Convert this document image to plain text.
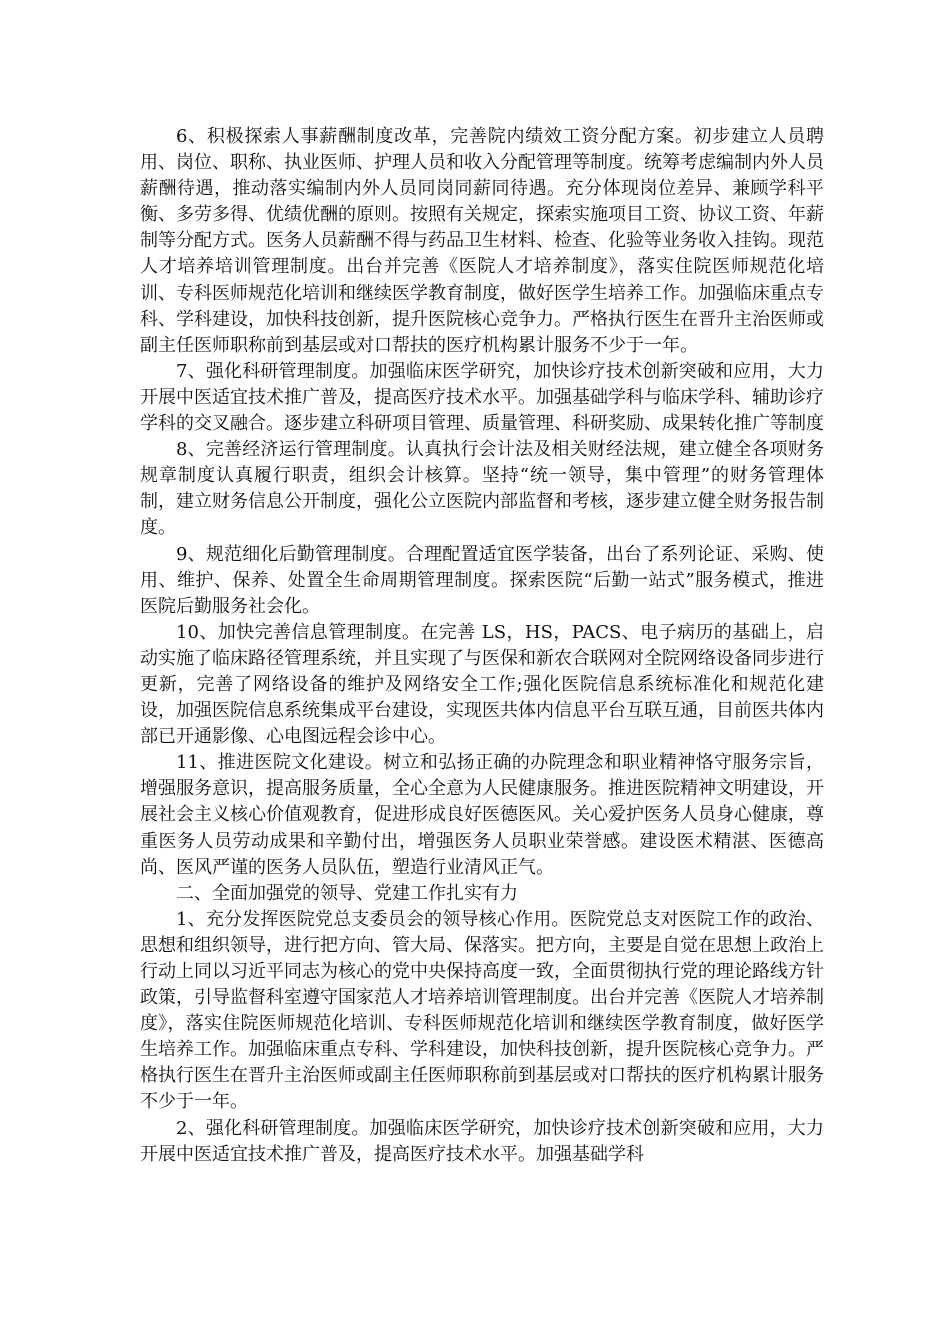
6、积极探索人事薪酬制度改革，完善院内绩效工资分配方案。初步建立人员聘用、岗位、职称、执业医师、护理人员和收入分配管理等制度。统筹考虑编制内外人员薪酬待遇，推动落实编制内外人员同岗同薪同待遇。充分体现岗位差异、兼顾学科平衡、多劳多得、优绩优酬的原则。按照有关规定，探索实施项目工资、协议工资、年薪制等分配方式。医务人员薪酬不得与药品卫生材料、检查、化验等业务收入挂钩。现范人才培养培训管理制度。出台并完善《医院人才培养制度》，落实住院医师规范化培训、专科医师规范化培训和继续医学教育制度，做好医学生培养工作。加强临床重点专科、学科建设，加快科技创新，提升医院核心竞争力。严格执行医生在晋升主治医师或副主任医师职称前到基层或对口帮扶的医疗机构累计服务不少于一年。

7、强化科研管理制度。加强临床医学研究，加快诊疗技术创新突破和应用，大力开展中医适宜技术推广普及，提高医疗技术水平。加强基础学科与临床学科、辅助诊疗学科的交叉融合。逐步建立科研项目管理、质量管理、科研奖励、成果转化推广等制度

8、完善经济运行管理制度。认真执行会计法及相关财经法规，建立健全各项财务规章制度认真履行职责，组织会计核算。坚持“统一领导，集中管理”的财务管理体制，建立财务信息公开制度，强化公立医院内部监督和考核，逐步建立健全财务报告制度。

9、规范细化后勤管理制度。合理配置适宜医学装备，出台了系列论证、采购、使用、维护、保养、处置全生命周期管理制度。探索医院“后勤一站式”服务模式，推进医院后勤服务社会化。

10、加快完善信息管理制度。在完善 LS，HS，PACS、电子病历的基础上，启动实施了临床路径管理系统，并且实现了与医保和新农合联网对全院网络设备同步进行更新，完善了网络设备的维护及网络安全工作;强化医院信息系统标准化和规范化建设，加强医院信息系统集成平台建设，实现医共体内信息平台互联互通，目前医共体内部已开通影像、心电图远程会诊中心。

11、推进医院文化建设。树立和弘扬正确的办院理念和职业精神恪守服务宗旨，增强服务意识，提高服务质量，全心全意为人民健康服务。推进医院精神文明建设，开展社会主义核心价值观教育，促进形成良好医德医风。关心爱护医务人员身心健康，尊重医务人员劳动成果和辛勤付出，增强医务人员职业荣誉感。建设医术精湛、医德高尚、医风严谨的医务人员队伍，塑造行业清风正气。

二、全面加强党的领导、党建工作扎实有力

1、充分发挥医院党总支委员会的领导核心作用。医院党总支对医院工作的政治、思想和组织领导，进行把方向、管大局、保落实。把方向，主要是自觉在思想上政治上行动上同以习近平同志为核心的党中央保持高度一致，全面贯彻执行党的理论路线方针政策，引导监督科室遵守国家范人才培养培训管理制度。出台并完善《医院人才培养制度》，落实住院医师规范化培训、专科医师规范化培训和继续医学教育制度，做好医学生培养工作。加强临床重点专科、学科建设，加快科技创新，提升医院核心竞争力。严格执行医生在晋升主治医师或副主任医师职称前到基层或对口帮扶的医疗机构累计服务不少于一年。

2、强化科研管理制度。加强临床医学研究，加快诊疗技术创新突破和应用，大力开展中医适宜技术推广普及，提高医疗技术水平。加强基础学科
